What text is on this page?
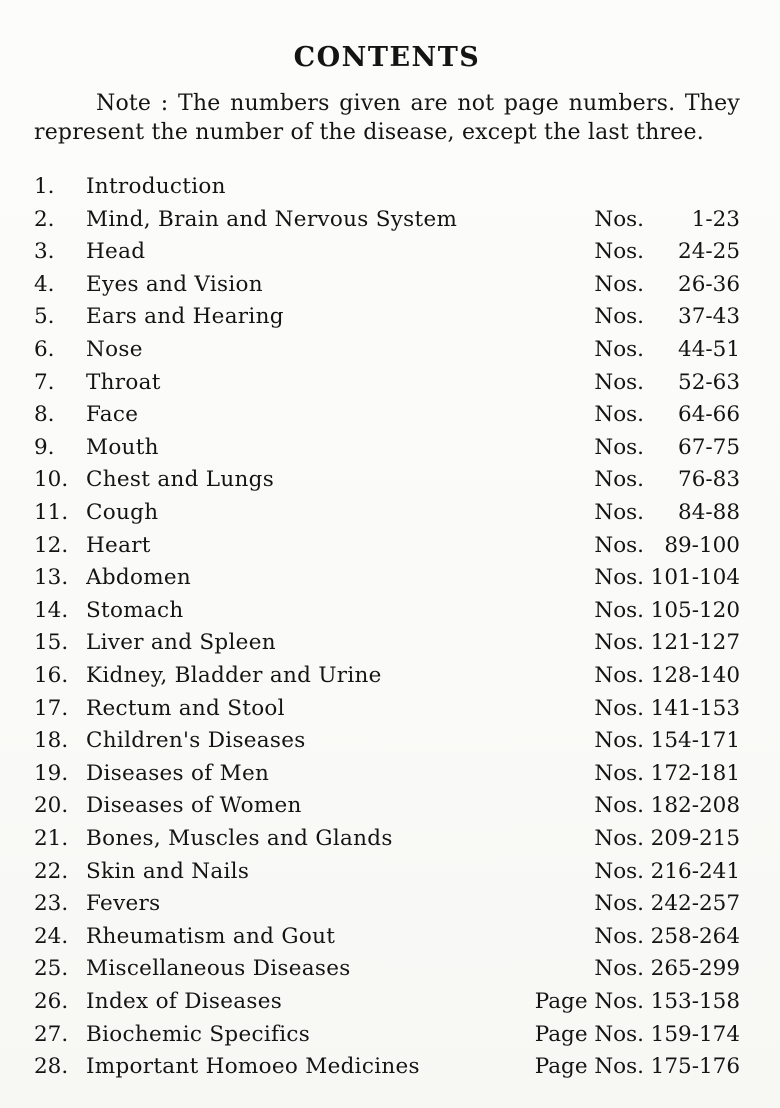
CONTENTS

Note : The numbers given are not page numbers. They represent the number of the disease, except the last three.

1.	Introduction
2.	Mind, Brain and Nervous System	Nos.	1-23
3.	Head	Nos.	24-25
4.	Eyes and Vision	Nos.	26-36
5.	Ears and Hearing	Nos.	37-43
6.	Nose	Nos.	44-51
7.	Throat	Nos.	52-63
8.	Face	Nos.	64-66
9.	Mouth	Nos.	67-75
10. Chest and Lungs	Nos.	76-83
11. Cough	Nos.	84-88
12. Heart	Nos. 89-100
13. Abdomen	Nos. 101-104
14. Stomach	Nos. 105-120
15. Liver and Spleen	Nos. 121-127
16. Kidney, Bladder and Urine	Nos. 128-140
17. Rectum and Stool	Nos. 141-153
18. Children's Diseases	Nos. 154-171
19. Diseases of Men	Nos. 172-181
20. Diseases of Women	Nos. 182-208
21. Bones, Muscles and Glands	Nos. 209-215
22. Skin and Nails	Nos. 216-241
23. Fevers	Nos. 242-257
24. Rheumatism and Gout	Nos. 258-264
25. Miscellaneous Diseases	Nos. 265-299
26. Index of Diseases	Page Nos. 153-158
27. Biochemic Specifics	Page Nos. 159-174
28. Important Homoeo Medicines	Page Nos. 175-176
